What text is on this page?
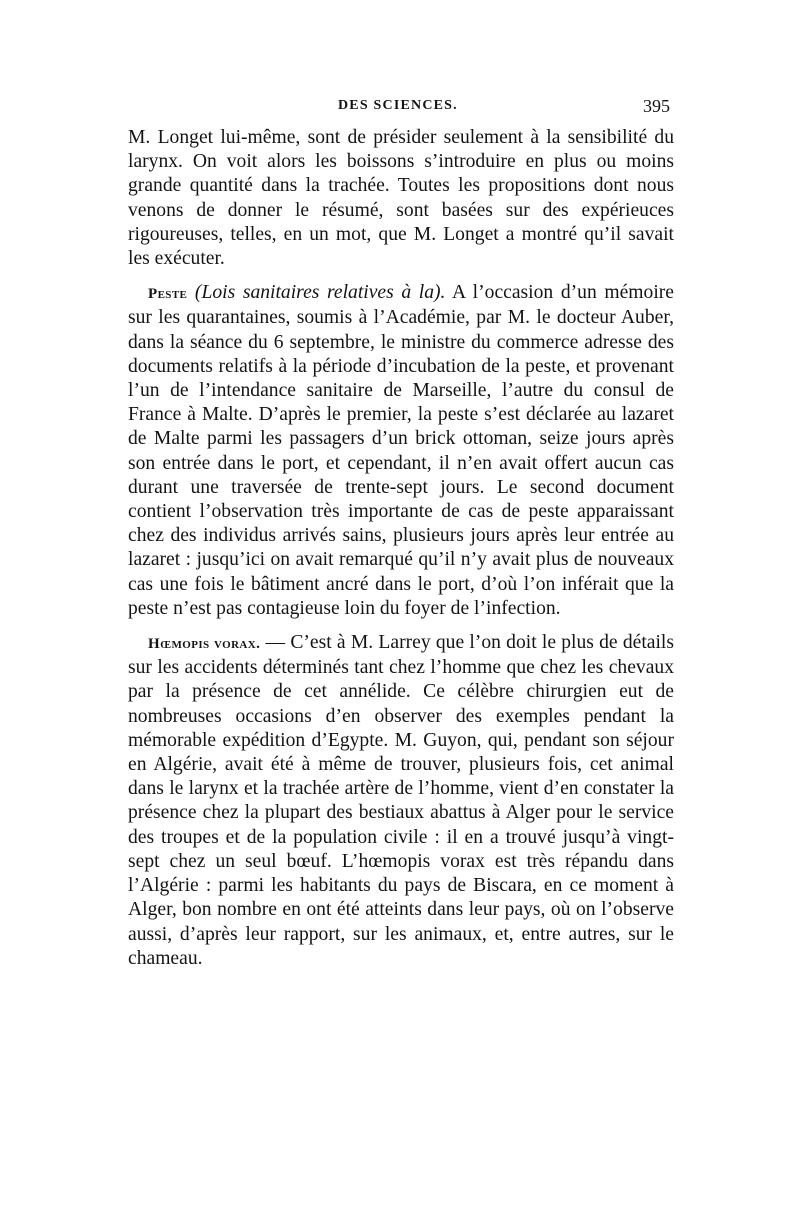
DES SCIENCES.	395

M. Longet lui-même, sont de présider seulement à la sensibilité du larynx. On voit alors les boissons s’introduire en plus ou moins grande quantité dans la trachée. Toutes les propositions dont nous venons de donner le résumé, sont basées sur des expérieuces rigoureuses, telles, en un mot, que M. Longet a montré qu’il savait les exécuter.

Peste (Lois sanitaires relatives à la). A l’occasion d’un mémoire sur les quarantaines, soumis à l’Académie, par M. le docteur Auber, dans la séance du 6 septembre, le ministre du commerce adresse des documents relatifs à la période d’incubation de la peste, et provenant l’un de l’intendance sanitaire de Marseille, l’autre du consul de France à Malte. D’après le premier, la peste s’est déclarée au lazaret de Malte parmi les passagers d’un brick ottoman, seize jours après son entrée dans le port, et cependant, il n’en avait offert aucun cas durant une traversée de trente-sept jours. Le second document contient l’observation très importante de cas de peste apparaissant chez des individus arrivés sains, plusieurs jours après leur entrée au lazaret : jusqu’ici on avait remarqué qu’il n’y avait plus de nouveaux cas une fois le bâtiment ancré dans le port, d’où l’on inférait que la peste n’est pas contagieuse loin du foyer de l’infection.

Hœmopis vorax. — C’est à M. Larrey que l’on doit le plus de détails sur les accidents déterminés tant chez l’homme que chez les chevaux par la présence de cet annélide. Ce célèbre chirurgien eut de nombreuses occasions d’en observer des exemples pendant la mémorable expédition d’Egypte. M. Guyon, qui, pendant son séjour en Algérie, avait été à même de trouver, plusieurs fois, cet animal dans le larynx et la trachée artère de l’homme, vient d’en constater la présence chez la plupart des bestiaux abattus à Alger pour le service des troupes et de la population civile : il en a trouvé jusqu’à vingt-sept chez un seul bœuf. L’hœmopis vorax est très répandu dans l’Algérie : parmi les habitants du pays de Biscara, en ce moment à Alger, bon nombre en ont été atteints dans leur pays, où on l’observe aussi, d’après leur rapport, sur les animaux, et, entre autres, sur le chameau.
